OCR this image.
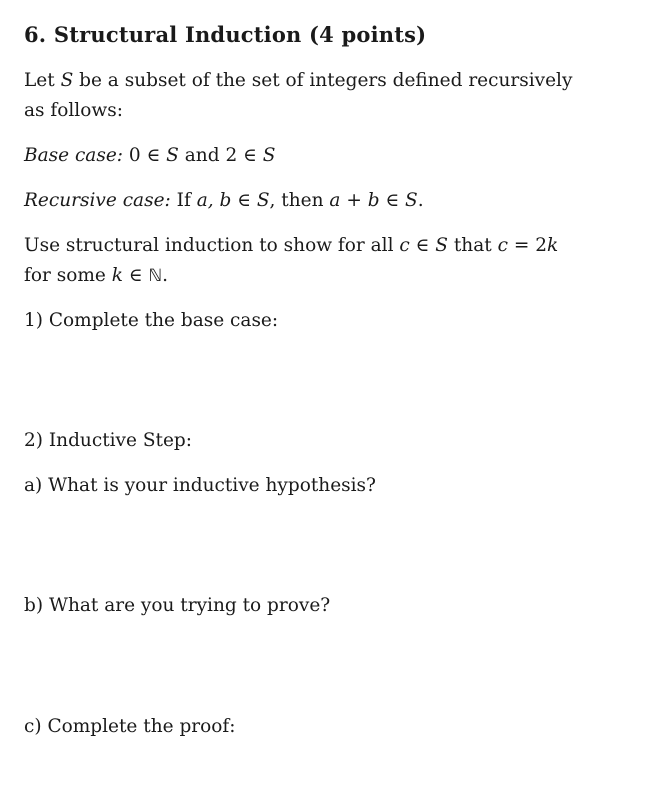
6. Structural Induction (4 points)
Let S be a subset of the set of integers defined recursively
as follows:
Base case: 0 ∈ S and 2 ∈ S
Recursive case: If a, b ∈ S, then a + b ∈ S.
Use structural induction to show for all c ∈ S that c = 2k
for some k ∈ ℕ.
1) Complete the base case:
2) Inductive Step:
a) What is your inductive hypothesis?
b) What are you trying to prove?
c) Complete the proof:
